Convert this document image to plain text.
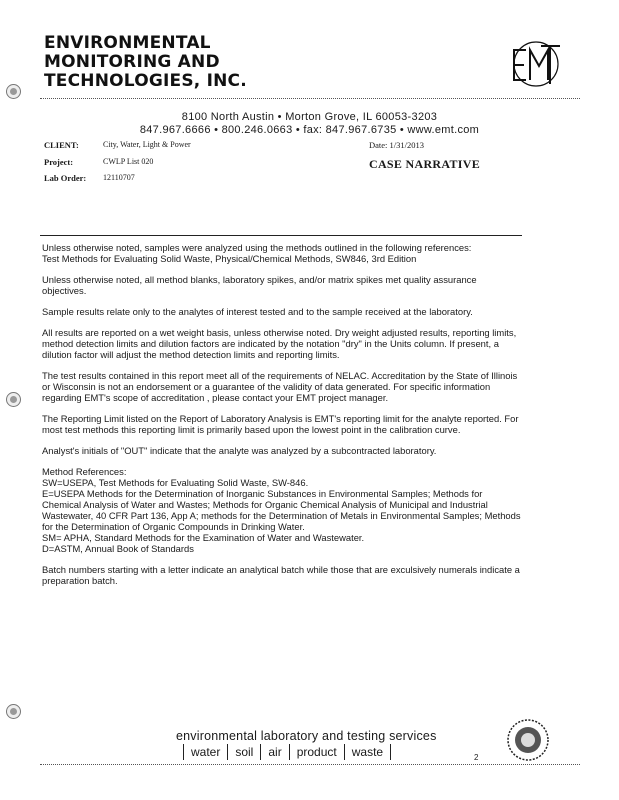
ENVIRONMENTAL
MONITORING AND
TECHNOLOGIES, INC.
8100 North Austin • Morton Grove, IL 60053-3203
847.967.6666 • 800.246.0663 • fax: 847.967.6735 • www.emt.com
CLIENT:	City, Water, Light & Power
Project:	CWLP List 020
Lab Order: 12110707
Date: 1/31/2013
CASE NARRATIVE

Unless otherwise noted, samples were analyzed using the methods outlined in the following references:

Test Methods for Evaluating Solid Waste, Physical/Chemical Methods, SW846, 3rd Edition

Unless otherwise noted, all method blanks, laboratory spikes, and/or matrix spikes met quality assurance objectives.

Sample results relate only to the analytes of interest tested and to the sample received at the laboratory.

All results are reported on a wet weight basis, unless otherwise noted. Dry weight adjusted results, reporting limits, method detection limits and dilution factors are indicated by the notation "dry" in the Units column. If present, a dilution factor will adjust the method detection limits and reporting limits.

The test results contained in this report meet all of the requirements of NELAC. Accreditation by the State of Illinois or Wisconsin is not an endorsement or a guarantee of the validity of data generated. For specific information regarding EMT's scope of accreditation , please contact your EMT project manager.

The Reporting Limit listed on the Report of Laboratory Analysis is EMT's reporting limit for the analyte reported. For most test methods this reporting limit is primarily based upon the lowest point in the calibration curve.

Analyst's initials of "OUT" indicate that the analyte was analyzed by a subcontracted laboratory.

Method References:

SW=USEPA, Test Methods for Evaluating Solid Waste, SW-846.

E=USEPA Methods for the Determination of Inorganic Substances in Environmental Samples; Methods for Chemical Analysis of Water and Wastes; Methods for Organic Chemical Analysis of Municipal and Industrial Wastewater, 40 CFR Part 136, App A; methods for the Determination of Metals in Environmental Samples; Methods for the Determination of Organic Compounds in Drinking Water.

SM= APHA, Standard Methods for the Examination of Water and Wastewater.

D=ASTM, Annual Book of Standards

Batch numbers starting with a letter indicate an analytical batch while those that are exculsively numerals indicate a preparation batch.

environmental laboratory and testing services
water soil air product waste	2
